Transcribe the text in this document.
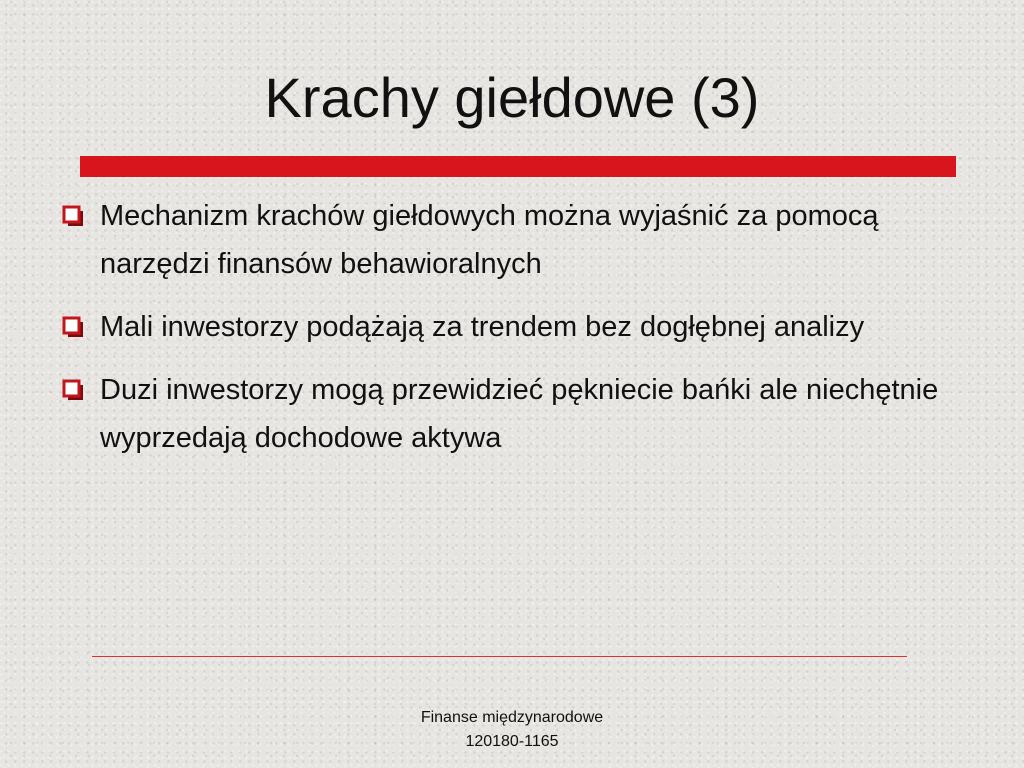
Krachy giełdowe (3)
Mechanizm krachów giełdowych można wyjaśnić za pomocą narzędzi finansów behawioralnych
Mali inwestorzy podążają za trendem bez dogłębnej analizy
Duzi inwestorzy mogą przewidzieć pękniecie bańki ale niechętnie wyprzedają dochodowe aktywa
Finanse międzynarodowe
120180-1165
